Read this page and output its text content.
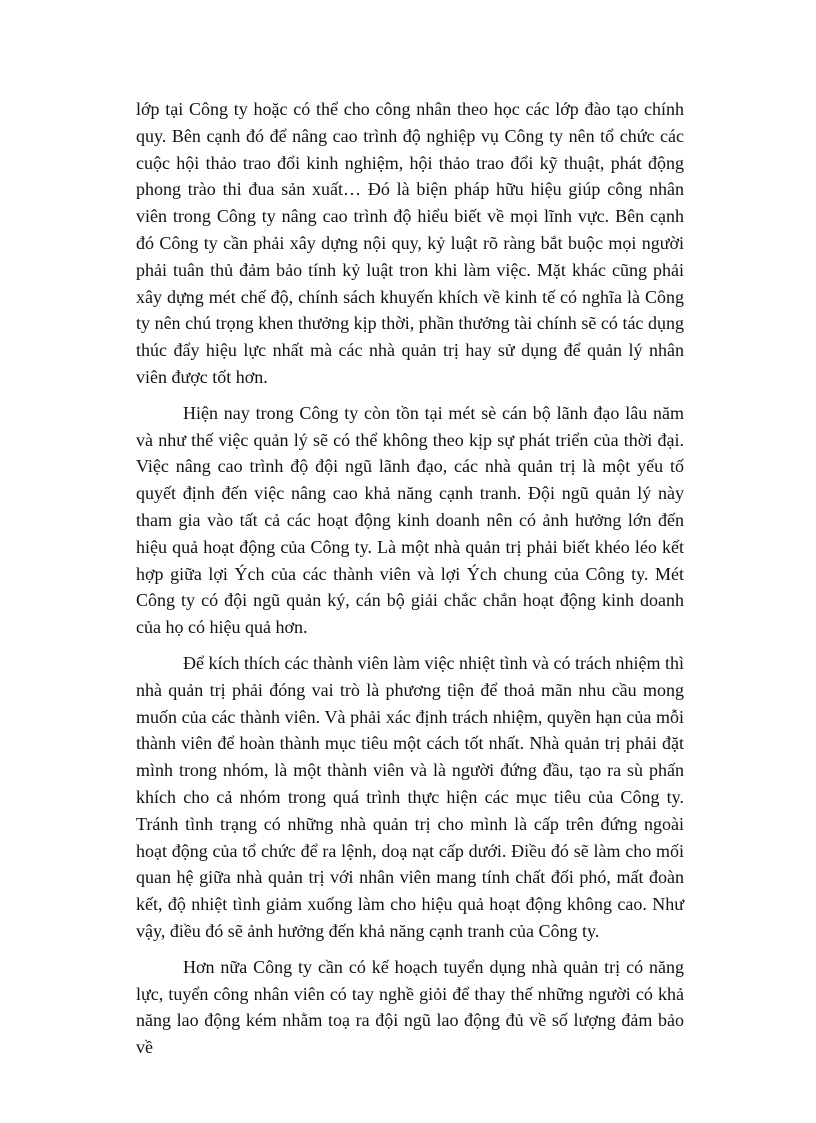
lớp tại Công ty hoặc có thể cho công nhân theo học các lớp đào tạo chính quy. Bên cạnh đó để nâng cao trình độ nghiệp vụ Công ty nên tổ chức các cuộc hội thảo trao đổi kinh nghiệm, hội thảo trao đổi kỹ thuật, phát động phong trào thi đua sản xuất… Đó là biện pháp hữu hiệu giúp công nhân viên trong Công ty nâng cao trình độ hiểu biết về mọi lĩnh vực. Bên cạnh đó Công ty cần phải xây dựng nội quy, kỷ luật rõ ràng bắt buộc mọi người phải tuân thủ đảm bảo tính kỷ luật tron khi làm việc. Mặt khác cũng phải xây dựng mét chế độ, chính sách khuyến khích về kinh tế có nghĩa là Công ty nên chú trọng khen thưởng kịp thời, phần thưởng tài chính sẽ có tác dụng thúc đẩy hiệu lực nhất mà các nhà quản trị hay sử dụng để quản lý nhân viên được tốt hơn.

Hiện nay trong Công ty còn tồn tại mét sè cán bộ lãnh đạo lâu năm và như thế việc quản lý sẽ có thể không theo kịp sự phát triển của thời đại. Việc nâng cao trình độ đội ngũ lãnh đạo, các nhà quản trị là một yếu tố quyết định đến việc nâng cao khả năng cạnh tranh. Đội ngũ quản lý này tham gia vào tất cả các hoạt động kinh doanh nên có ảnh hưởng lớn đến hiệu quả hoạt động của Công ty. Là một nhà quản trị phải biết khéo léo kết hợp giữa lợi Ých của các thành viên và lợi Ých chung của Công ty. Mét Công ty có đội ngũ quản ký, cán bộ giải chắc chắn hoạt động kinh doanh của họ có hiệu quả hơn.

Để kích thích các thành viên làm việc nhiệt tình và có trách nhiệm thì nhà quản trị phải đóng vai trò là phương tiện để thoả mãn nhu cầu mong muốn của các thành viên. Và phải xác định trách nhiệm, quyền hạn của mỗi thành viên để hoàn thành mục tiêu một cách tốt nhất. Nhà quản trị phải đặt mình trong nhóm, là một thành viên và là người đứng đầu, tạo ra sù phấn khích cho cả nhóm trong quá trình thực hiện các mục tiêu của Công ty. Tránh tình trạng có những nhà quản trị cho mình là cấp trên đứng ngoài hoạt động của tổ chức để ra lệnh, doạ nạt cấp dưới. Điều đó sẽ làm cho mối quan hệ giữa nhà quản trị với nhân viên mang tính chất đối phó, mất đoàn kết, độ nhiệt tình giảm xuống làm cho hiệu quả hoạt động không cao. Như vậy, điều đó sẽ ảnh hưởng đến khả năng cạnh tranh của Công ty.

Hơn nữa Công ty cần có kế hoạch tuyển dụng nhà quản trị có năng lực, tuyển công nhân viên có tay nghề giỏi để thay thế những người có khả năng lao động kém nhằm toạ ra đội ngũ lao động đủ về số lượng đảm bảo về
